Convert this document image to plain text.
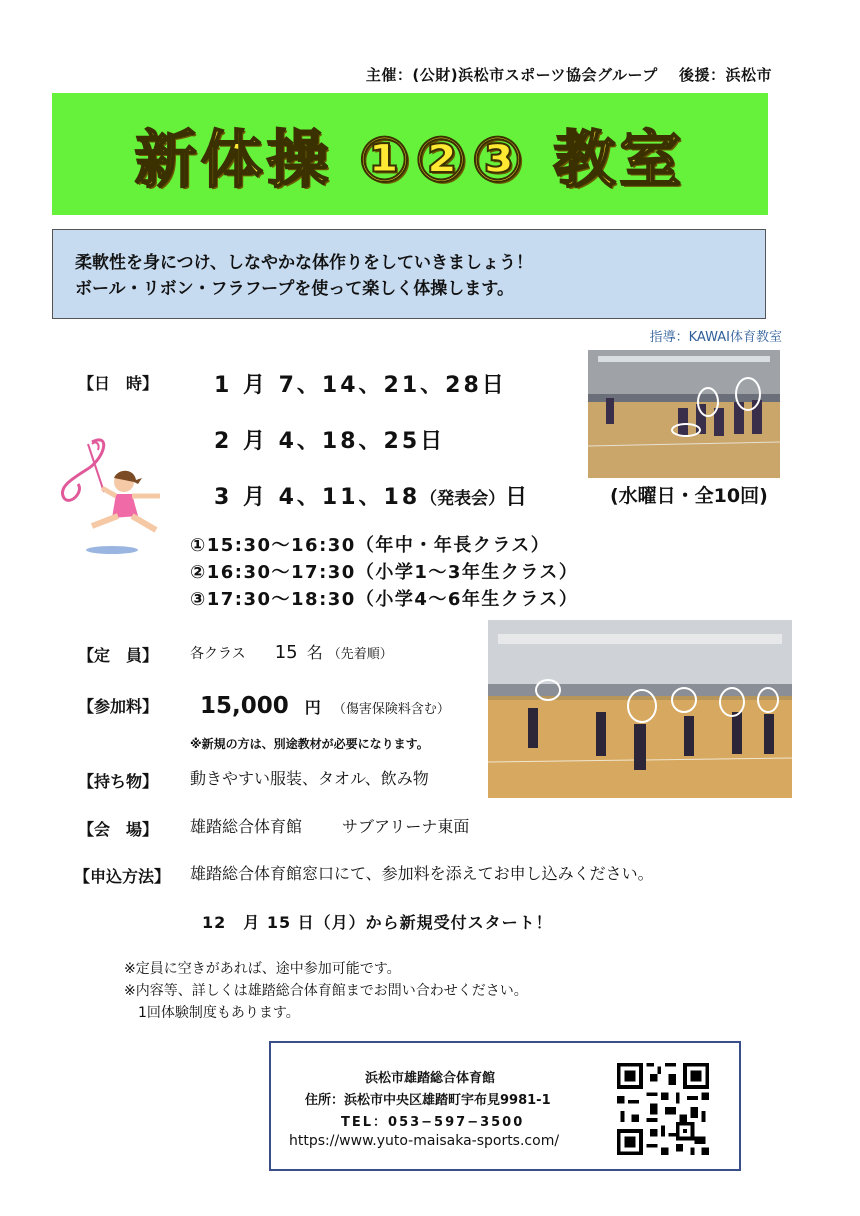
主催：(公財)浜松市スポーツ協会グループ　 後援：浜松市
新体操 ①②③ 教室
柔軟性を身につけ、しなやかな体作りをしていきましょう！
ボール・リボン・フラフープを使って楽しく体操します。
指導：KAWAI体育教室
【日　時】	1 月 7、14、21、28日
2 月 4、18、25日
3 月 4、11、18（発表会）日	(水曜日・全10回)
①15:30〜16:30（年中・年長クラス）
②16:30〜17:30（小学1〜3年生クラス）
③17:30〜18:30（小学4〜6年生クラス）
【定　員】 各クラス 15 名 （先着順）
【参加料】 15,000 円 （傷害保険料含む）
※新規の方は、別途教材が必要になります。
【持ち物】 動きやすい服装、タオル、飲み物
【会　場】 雄踏総合体育館 サブアリーナ東面
【申込方法】 雄踏総合体育館窓口にて、参加料を添えてお申し込みください。
12　月 15 日（月）から新規受付スタート！
※定員に空きがあれば、途中参加可能です。
※内容等、詳しくは雄踏総合体育館までお問い合わせください。
　1回体験制度もあります。
浜松市雄踏総合体育館
住所：浜松市中央区雄踏町宇布見9981-1
TEL：053−597−3500
https://www.yuto-maisaka-sports.com/
